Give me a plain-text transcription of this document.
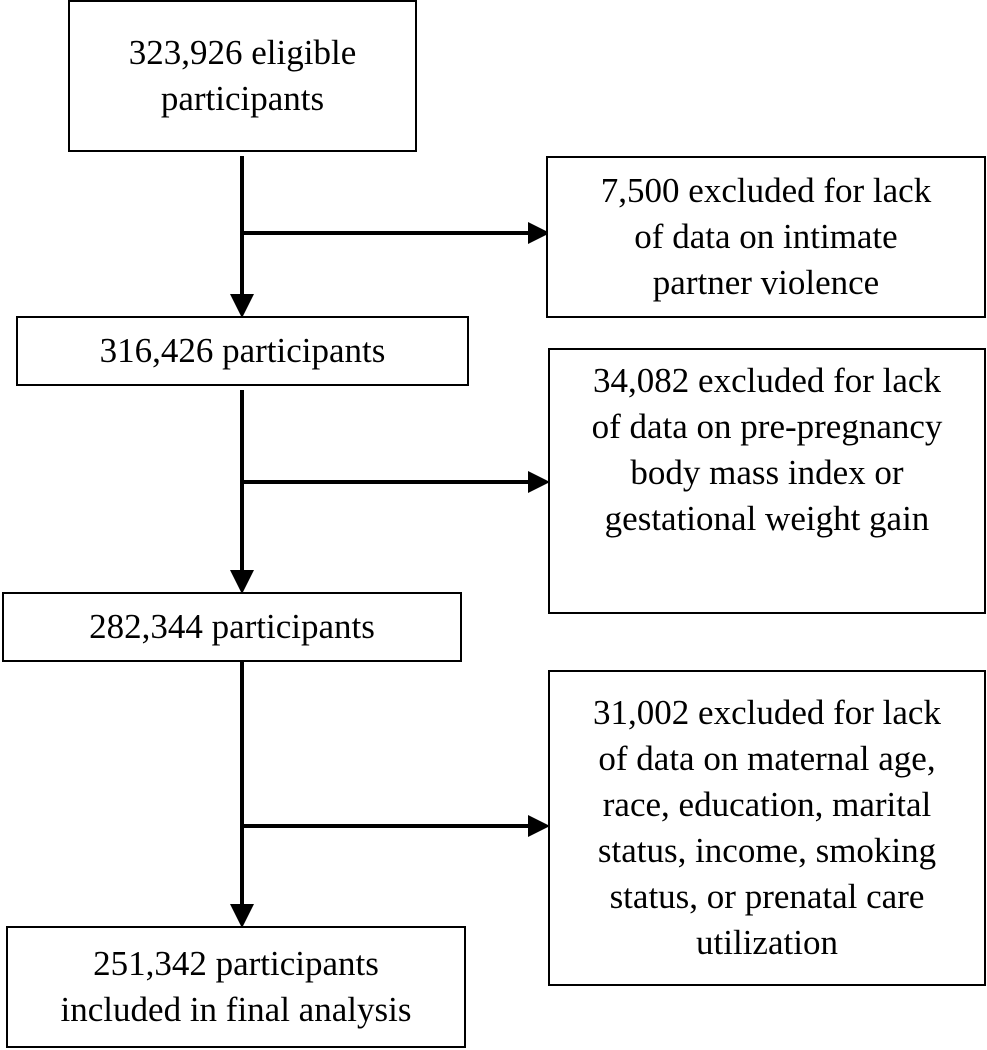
323,926 eligible
participants
316,426 participants
282,344 participants
251,342 participants
included in final analysis
7,500 excluded for lack
of data on intimate
partner violence
34,082 excluded for lack
of data on pre-pregnancy
body mass index or
gestational weight gain
31,002 excluded for lack
of data on maternal age,
race, education, marital
status, income, smoking
status, or prenatal care
utilization
